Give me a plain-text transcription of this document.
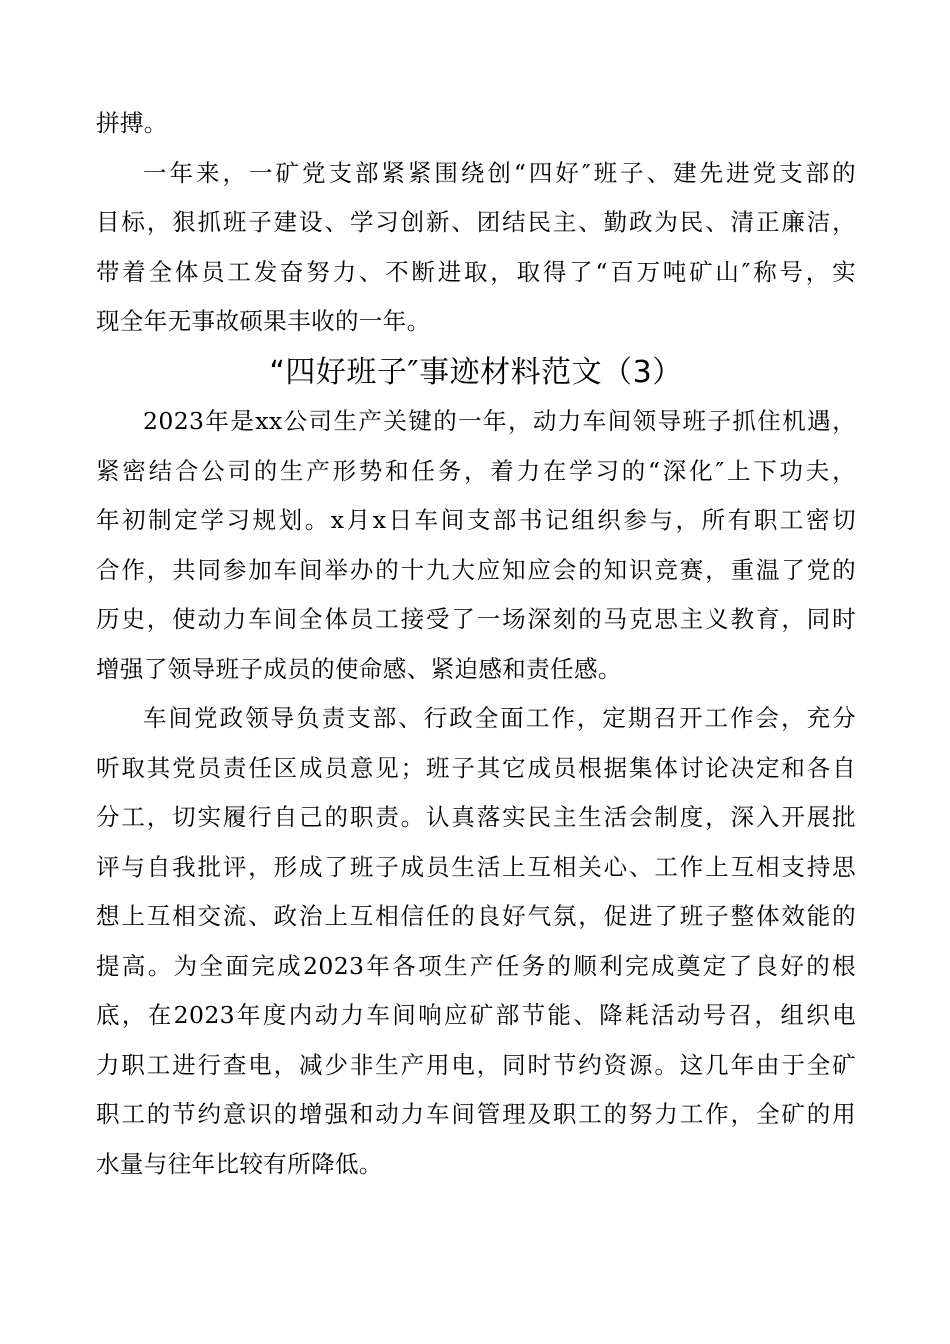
拼搏。
一年来，一矿党支部紧紧围绕创“四好″班子、建先进党支部的
目标，狠抓班子建设、学习创新、团结民主、勤政为民、清正廉洁，
带着全体员工发奋努力、不断进取，取得了“百万吨矿山″称号，实
现全年无事故硕果丰收的一年。
“四好班子″事迹材料范文（3）
2023年是xx公司生产关键的一年，动力车间领导班子抓住机遇，
紧密结合公司的生产形势和任务，着力在学习的“深化″上下功夫，
年初制定学习规划。x月x日车间支部书记组织参与，所有职工密切
合作，共同参加车间举办的十九大应知应会的知识竞赛，重温了党的
历史，使动力车间全体员工接受了一场深刻的马克思主义教育，同时
增强了领导班子成员的使命感、紧迫感和责任感。
车间党政领导负责支部、行政全面工作，定期召开工作会，充分
听取其党员责任区成员意见；班子其它成员根据集体讨论决定和各自
分工，切实履行自己的职责。认真落实民主生活会制度，深入开展批
评与自我批评，形成了班子成员生活上互相关心、工作上互相支持思
想上互相交流、政治上互相信任的良好气氛，促进了班子整体效能的
提高。为全面完成2023年各项生产任务的顺利完成奠定了良好的根
底，在2023年度内动力车间响应矿部节能、降耗活动号召，组织电
力职工进行查电，减少非生产用电，同时节约资源。这几年由于全矿
职工的节约意识的增强和动力车间管理及职工的努力工作，全矿的用
水量与往年比较有所降低。
